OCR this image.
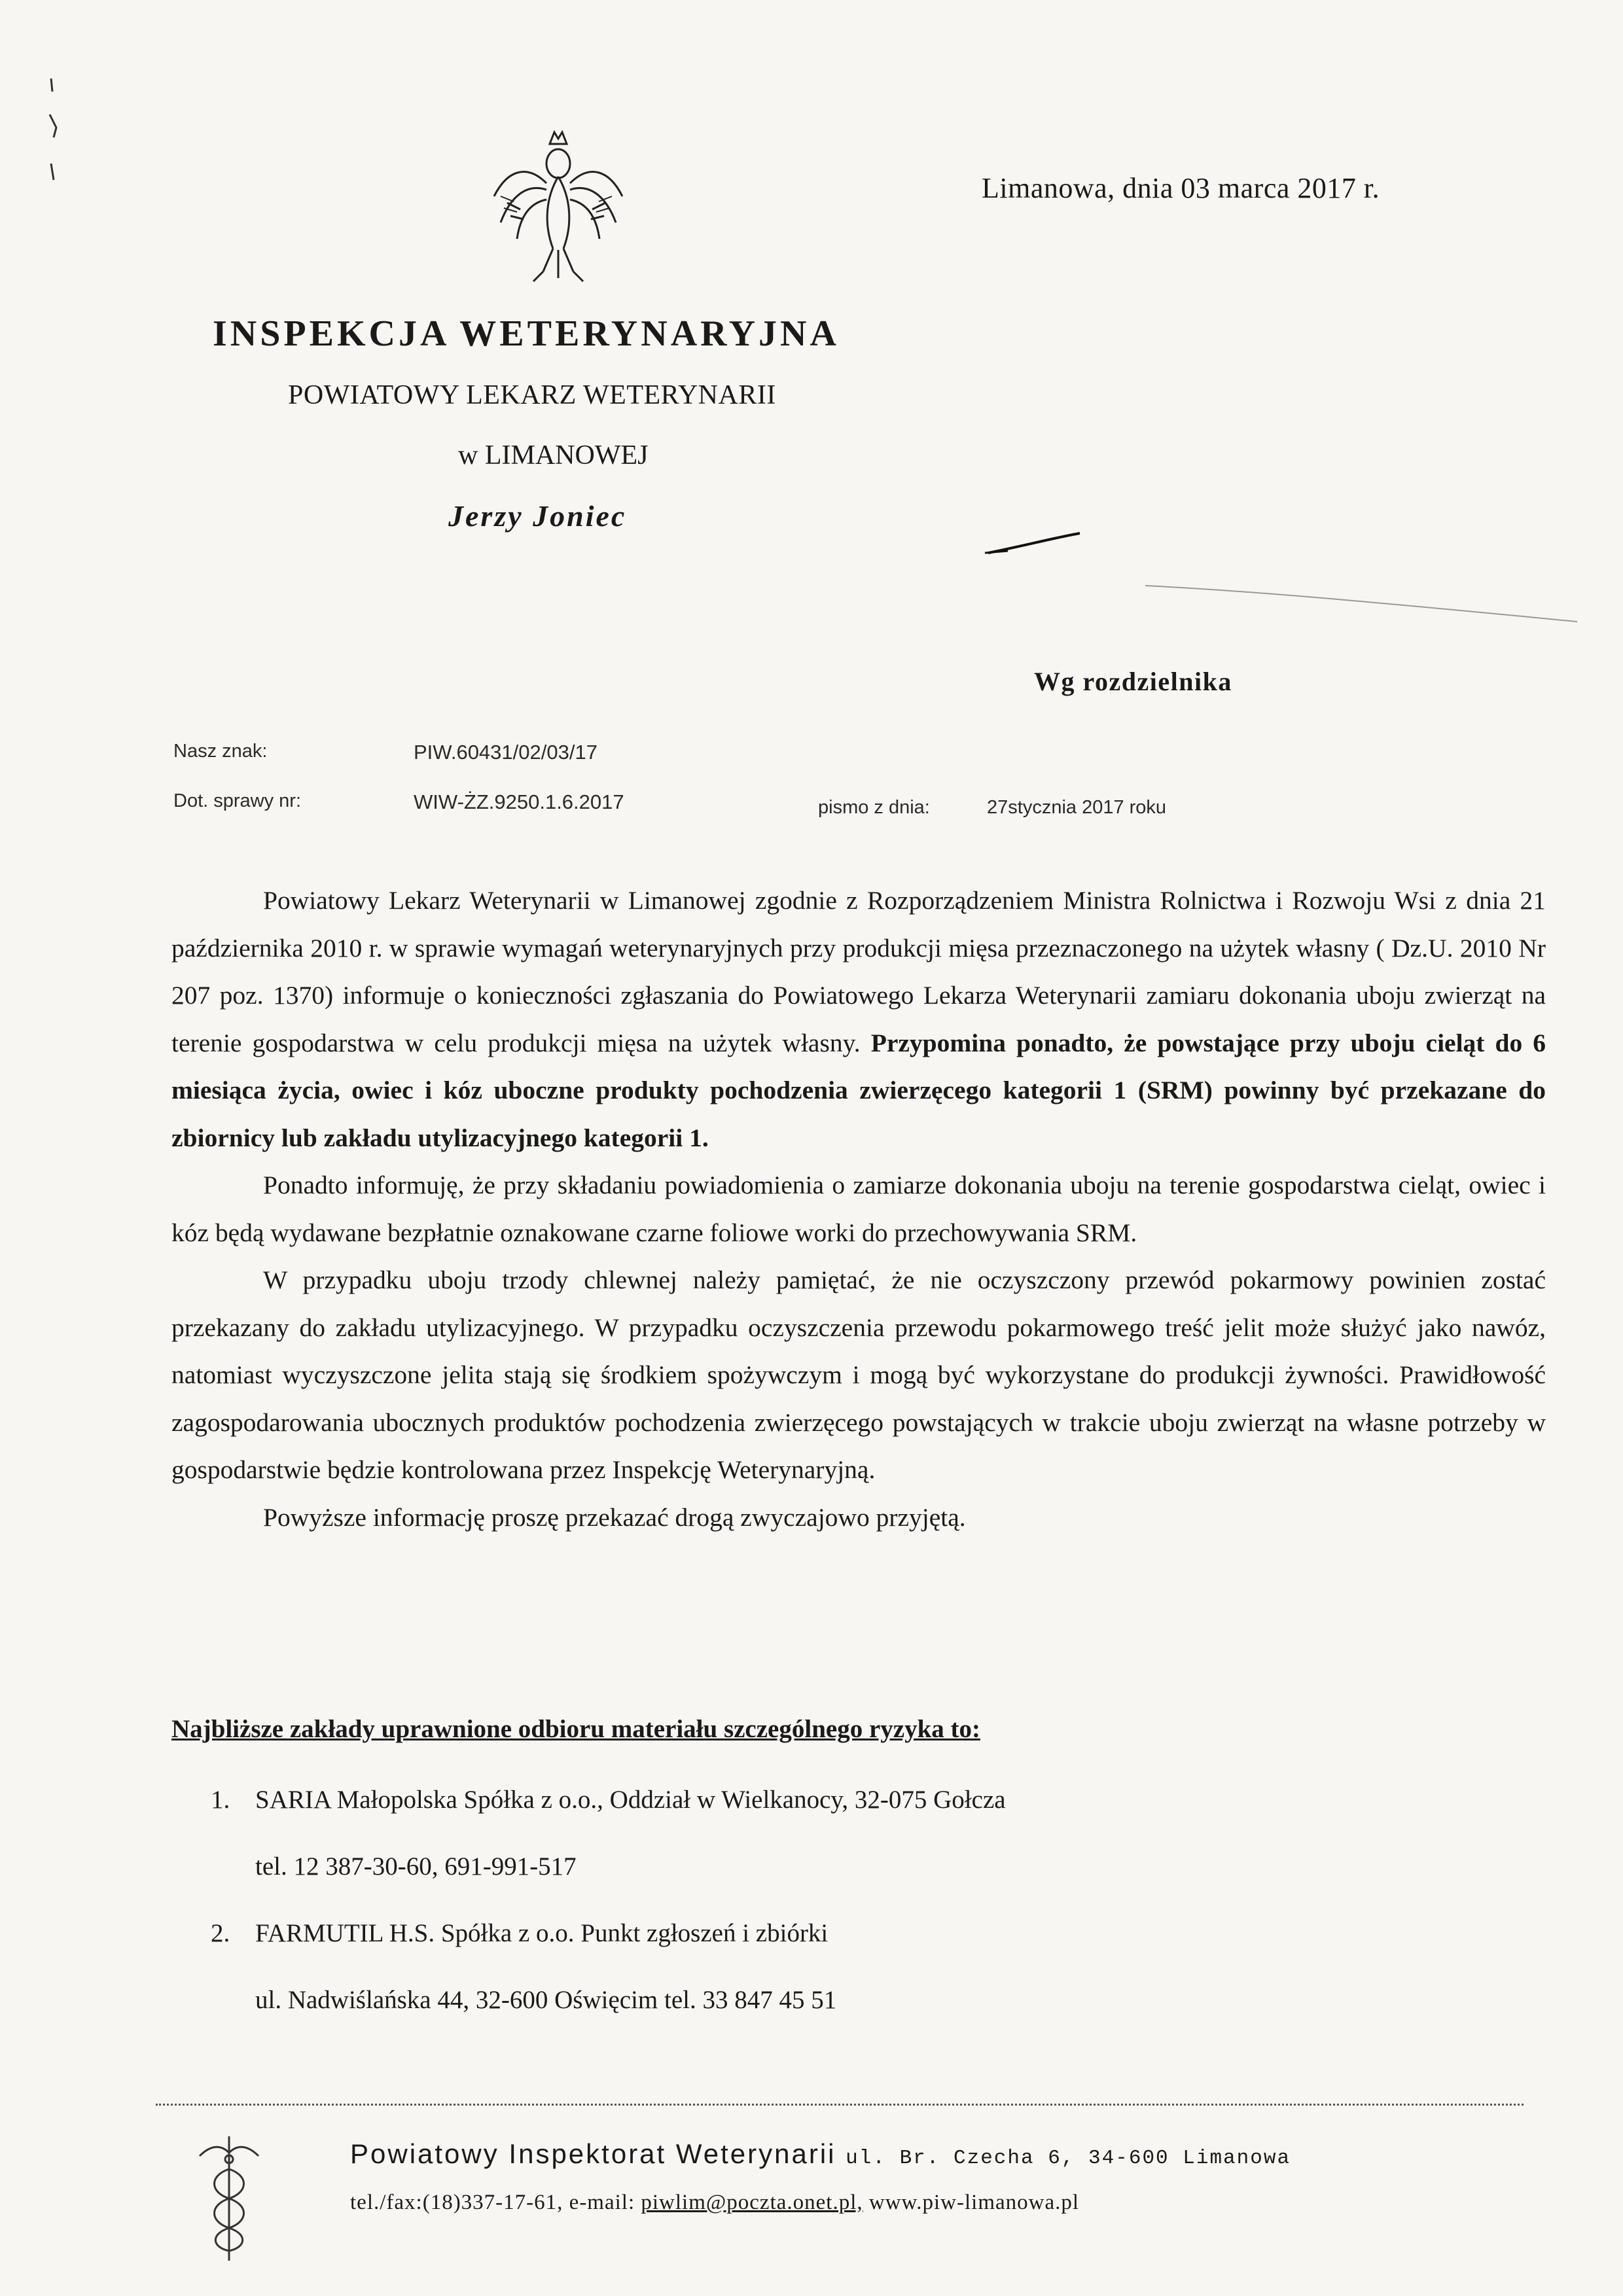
Limanowa, dnia 03 marca 2017 r.
INSPEKCJA WETERYNARYJNA
POWIATOWY LEKARZ WETERYNARII
w LIMANOWEJ
Jerzy Joniec
Wg rozdzielnika
Nasz znak:	PIW.60431/02/03/17
Dot. sprawy nr:	WIW-ŻZ.9250.1.6.2017	pismo z dnia:	27stycznia 2017 roku

Powiatowy Lekarz Weterynarii w Limanowej zgodnie z Rozporządzeniem Ministra Rolnictwa i Rozwoju Wsi z dnia 21 października 2010 r. w sprawie wymagań weterynaryjnych przy produkcji mięsa przeznaczonego na użytek własny ( Dz.U. 2010 Nr 207 poz. 1370) informuje o konieczności zgłaszania do Powiatowego Lekarza Weterynarii zamiaru dokonania uboju zwierząt na terenie gospodarstwa w celu produkcji mięsa na użytek własny. Przypomina ponadto, że powstające przy uboju cieląt do 6 miesiąca życia, owiec i kóz uboczne produkty pochodzenia zwierzęcego kategorii 1 (SRM) powinny być przekazane do zbiornicy lub zakładu utylizacyjnego kategorii 1.

Ponadto informuję, że przy składaniu powiadomienia o zamiarze dokonania uboju na terenie gospodarstwa cieląt, owiec i kóz będą wydawane bezpłatnie oznakowane czarne foliowe worki do przechowywania SRM.

W przypadku uboju trzody chlewnej należy pamiętać, że nie oczyszczony przewód pokarmowy powinien zostać przekazany do zakładu utylizacyjnego. W przypadku oczyszczenia przewodu pokarmowego treść jelit może służyć jako nawóz, natomiast wyczyszczone jelita stają się środkiem spożywczym i mogą być wykorzystane do produkcji żywności. Prawidłowość zagospodarowania ubocznych produktów pochodzenia zwierzęcego powstających w trakcie uboju zwierząt na własne potrzeby w gospodarstwie będzie kontrolowana przez Inspekcję Weterynaryjną.

Powyższe informację proszę przekazać drogą zwyczajowo przyjętą.

Najbliższe zakłady uprawnione odbioru materiału szczególnego ryzyka to:
1. SARIA Małopolska Spółka z o.o., Oddział w Wielkanocy, 32-075 Gołcza
tel. 12 387-30-60, 691-991-517
2. FARMUTIL H.S. Spółka z o.o. Punkt zgłoszeń i zbiórki
ul. Nadwiślańska 44, 32-600 Oświęcim tel. 33 847 45 51
Powiatowy Inspektorat Weterynarii ul. Br. Czecha 6, 34-600 Limanowa
tel./fax:(18)337-17-61, e-mail: piwlim@poczta.onet.pl, www.piw-limanowa.pl
